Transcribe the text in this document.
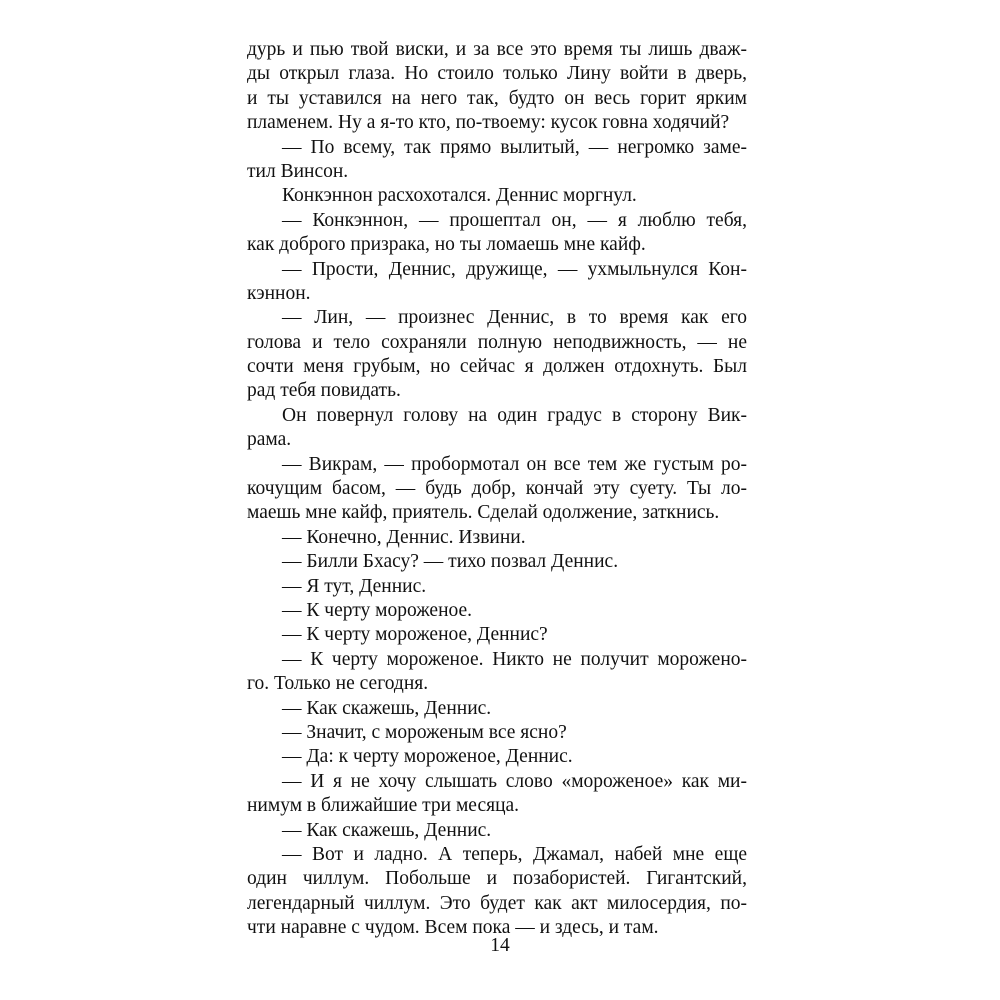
дурь и пью твой виски, и за все это время ты лишь дваж-
ды открыл глаза. Но стоило только Лину войти в дверь,
и ты уставился на него так, будто он весь горит ярким
пламенем. Ну а я-то кто, по-твоему: кусок говна ходячий?
— По всему, так прямо вылитый, — негромко заме-
тил Винсон.
Конкэннон расхохотался. Деннис моргнул.
— Конкэннон, — прошептал он, — я люблю тебя,
как доброго призрака, но ты ломаешь мне кайф.
— Прости, Деннис, дружище, — ухмыльнулся Кон-
кэннон.
— Лин, — произнес Деннис, в то время как его
голова и тело сохраняли полную неподвижность, — не
сочти меня грубым, но сейчас я должен отдохнуть. Был
рад тебя повидать.
Он повернул голову на один градус в сторону Вик-
рама.
— Викрам, — пробормотал он все тем же густым ро-
кочущим басом, — будь добр, кончай эту суету. Ты ло-
маешь мне кайф, приятель. Сделай одолжение, заткнись.
— Конечно, Деннис. Извини.
— Билли Бхасу? — тихо позвал Деннис.
— Я тут, Деннис.
— К черту мороженое.
— К черту мороженое, Деннис?
— К черту мороженое. Никто не получит морожено-
го. Только не сегодня.
— Как скажешь, Деннис.
— Значит, с мороженым все ясно?
— Да: к черту мороженое, Деннис.
— И я не хочу слышать слово «мороженое» как ми-
нимум в ближайшие три месяца.
— Как скажешь, Деннис.
— Вот и ладно. А теперь, Джамал, набей мне еще
один чиллум. Побольше и позабористей. Гигантский,
легендарный чиллум. Это будет как акт милосердия, по-
чти наравне с чудом. Всем пока — и здесь, и там.
14
